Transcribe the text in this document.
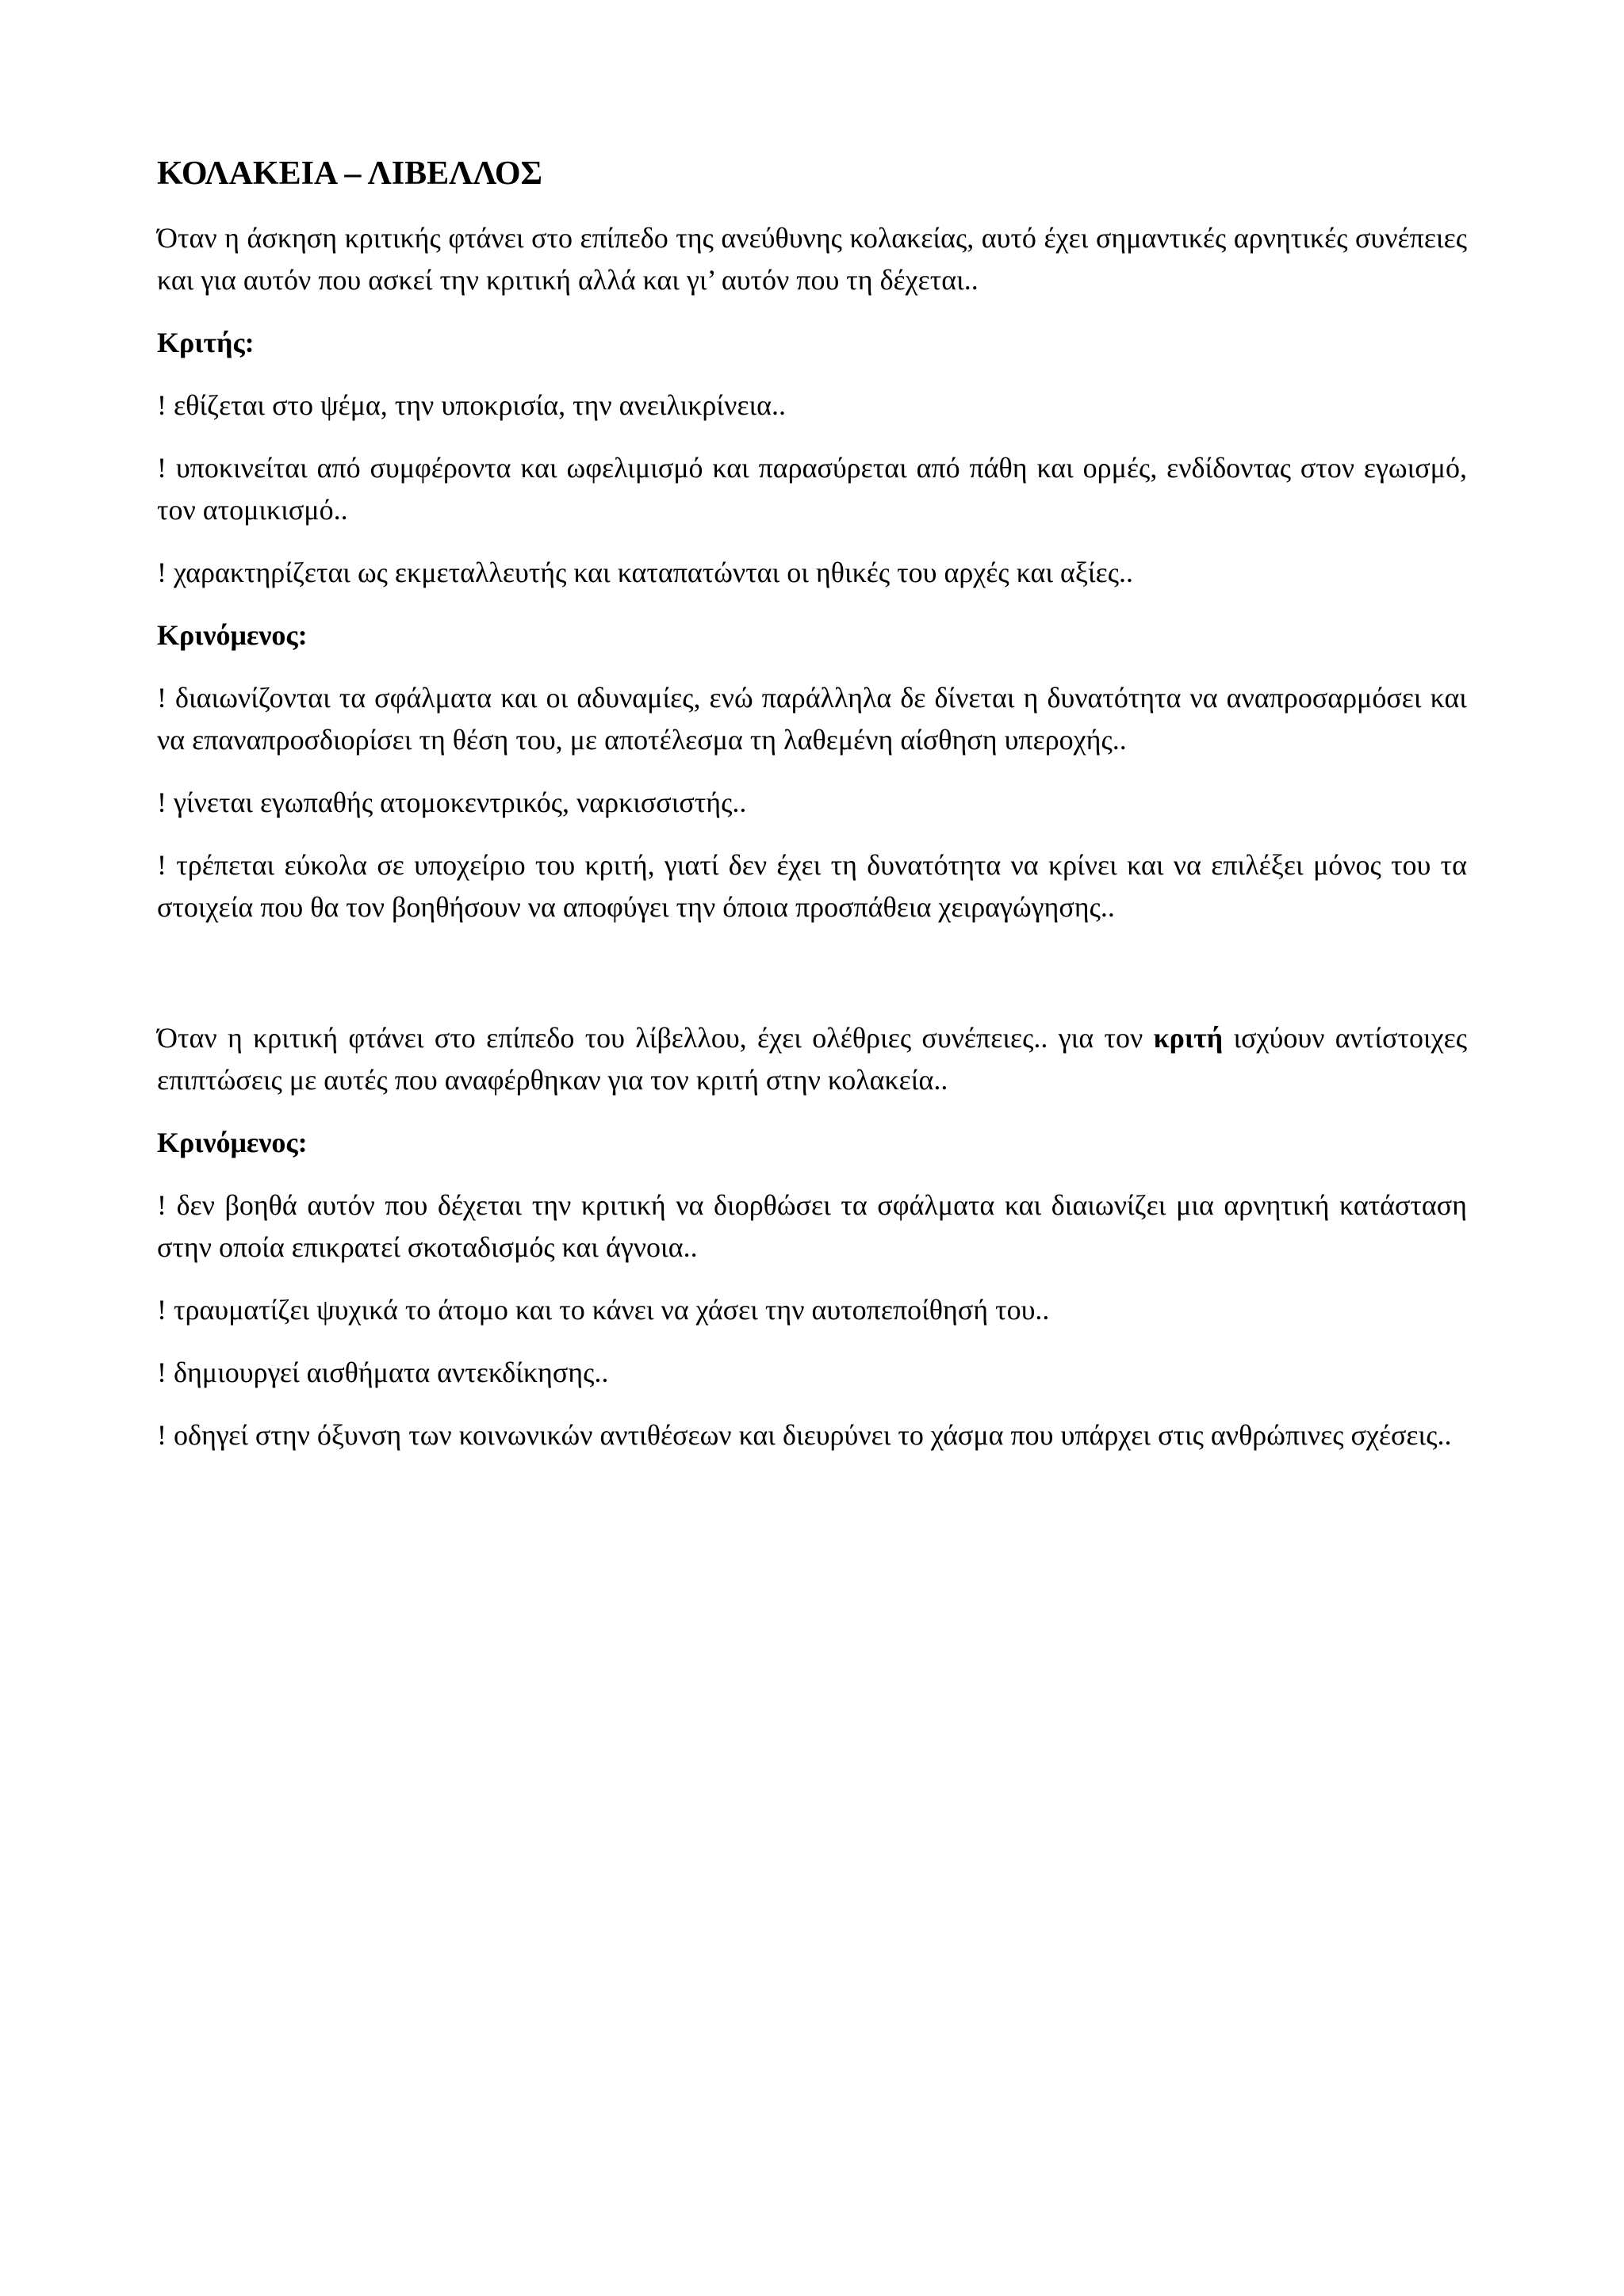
ΚΟΛΑΚΕΙΑ – ΛΙΒΕΛΛΟΣ

Όταν η άσκηση κριτικής φτάνει στο επίπεδο της ανεύθυνης κολακείας, αυτό έχει σημαντικές αρνητικές συνέπειες και για αυτόν που ασκεί την κριτική αλλά και γι’ αυτόν που τη δέχεται..

Κριτής:

! εθίζεται στο ψέμα, την υποκρισία, την ανειλικρίνεια..

! υποκινείται από συμφέροντα και ωφελιμισμό και παρασύρεται από πάθη και ορμές, ενδίδοντας στον εγωισμό, τον ατομικισμό..

! χαρακτηρίζεται ως εκμεταλλευτής και καταπατώνται οι ηθικές του αρχές και αξίες..

Κρινόμενος:

! διαιωνίζονται τα σφάλματα και οι αδυναμίες, ενώ παράλληλα δε δίνεται η δυνατότητα να αναπροσαρμόσει και να επαναπροσδιορίσει τη θέση του, με αποτέλεσμα τη λαθεμένη αίσθηση υπεροχής..

! γίνεται εγωπαθής ατομοκεντρικός, ναρκισσιστής..

! τρέπεται εύκολα σε υποχείριο του κριτή, γιατί δεν έχει τη δυνατότητα να κρίνει και να επιλέξει μόνος του τα στοιχεία που θα τον βοηθήσουν να αποφύγει την όποια προσπάθεια χειραγώγησης..

Όταν η κριτική φτάνει στο επίπεδο του λίβελλου, έχει ολέθριες συνέπειες.. για τον κριτή ισχύουν αντίστοιχες επιπτώσεις με αυτές που αναφέρθηκαν για τον κριτή στην κολακεία..

Κρινόμενος:

! δεν βοηθά αυτόν που δέχεται την κριτική να διορθώσει τα σφάλματα και διαιωνίζει μια αρνητική κατάσταση στην οποία επικρατεί σκοταδισμός και άγνοια..

! τραυματίζει ψυχικά το άτομο και το κάνει να χάσει την αυτοπεποίθησή του..

! δημιουργεί αισθήματα αντεκδίκησης..

! οδηγεί στην όξυνση των κοινωνικών αντιθέσεων και διευρύνει το χάσμα που υπάρχει στις ανθρώπινες σχέσεις..
